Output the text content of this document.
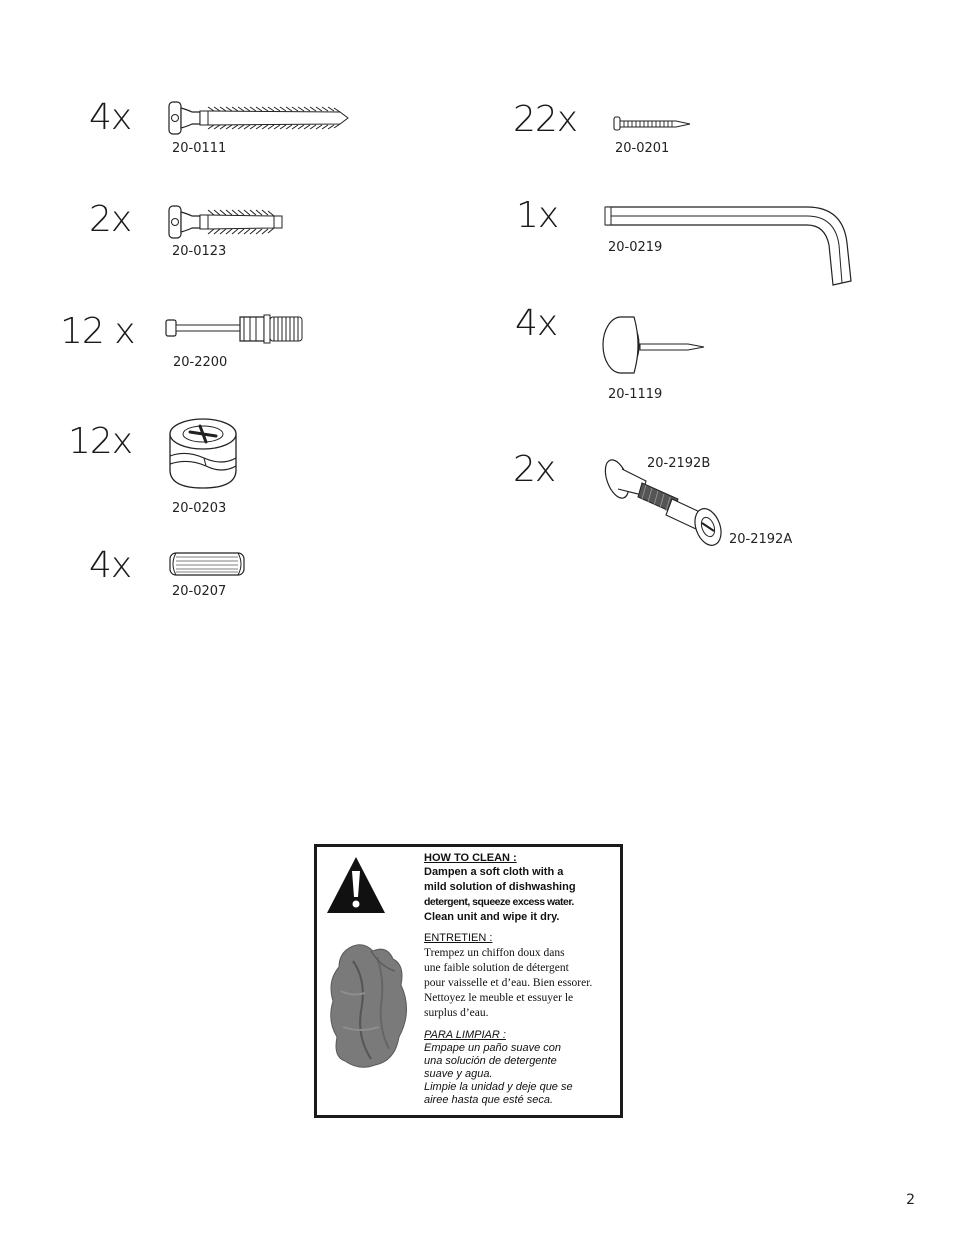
4x
20-0111
2x
20-0123
12 x
20-2200
12x
20-0203
4x
20-0207
22x
20-0201
1x
20-0219
4x
20-1119
2x	20-2192B
20-2192A
HOW TO CLEAN :
Dampen a soft cloth with a
mild solution of dishwashing
detergent, squeeze excess water.
Clean unit and wipe it dry.
ENTRETIEN :
Trempez un chiffon doux dans
une faible solution de détergent
pour vaisselle et d’eau. Bien essorer.
Nettoyez le meuble et essuyer le
surplus d’eau.
PARA LIMPIAR :
Empape un paño suave con
una solución de detergente
suave y agua.
Limpie la unidad y deje que se
airee hasta que esté seca.
2
